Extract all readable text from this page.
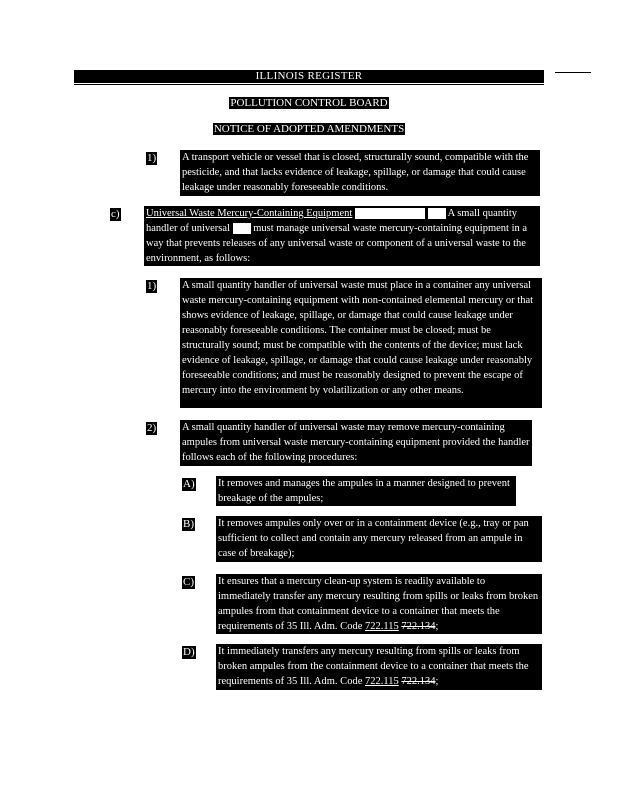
ILLINOIS REGISTER
POLLUTION CONTROL BOARD
NOTICE OF ADOPTED AMENDMENTS
1) A transport vehicle or vessel that is closed, structurally sound, compatible with the pesticide, and that lacks evidence of leakage, spillage, or damage that could cause leakage under reasonably foreseeable conditions.

c)	Universal Waste Mercury-Containing Equipment	A small quantity handler of universal must manage universal waste mercury-containing equipment in a way that prevents releases of any universal waste or component of a universal waste to the environment, as follows:

1) A small quantity handler of universal waste must place in a container any universal waste mercury-containing equipment with non-contained elemental mercury or that shows evidence of leakage, spillage, or damage that could cause leakage under reasonably foreseeable conditions. The container must be closed; must be structurally sound; must be compatible with the contents of the device; must lack evidence of leakage, spillage, or damage that could cause leakage under reasonably foreseeable conditions; and must be reasonably designed to prevent the escape of mercury into the environment by volatilization or any other means.

2) A small quantity handler of universal waste may remove mercury-containing ampules from universal waste mercury-containing equipment provided the handler follows each of the following procedures:

A) It removes and manages the ampules in a manner designed to prevent breakage of the ampules;

B) It removes ampules only over or in a containment device (e.g., tray or pan sufficient to collect and contain any mercury released from an ampule in case of breakage);

C) It ensures that a mercury clean-up system is readily available to immediately transfer any mercury resulting from spills or leaks from broken ampules from that containment device to a container that meets the requirements of 35 Ill. Adm. Code 722.115 722.134;

D) It immediately transfers any mercury resulting from spills or leaks from broken ampules from the containment device to a container that meets the requirements of 35 Ill. Adm. Code 722.115 722.134;
